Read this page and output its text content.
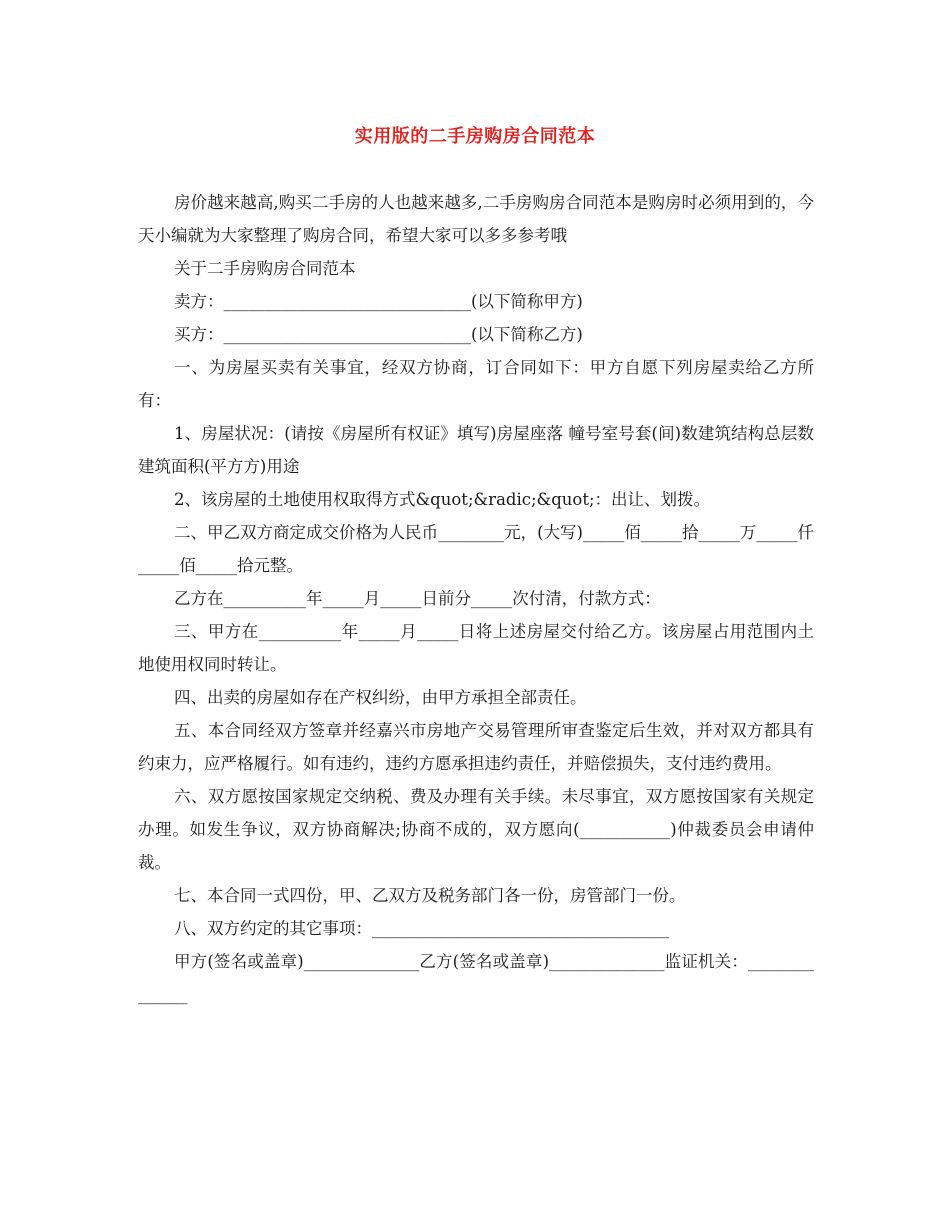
实用版的二手房购房合同范本

房价越来越高,购买二手房的人也越来越多,二手房购房合同范本是购房时必须用到的，今天小编就为大家整理了购房合同，希望大家可以多多参考哦

关于二手房购房合同范本

卖方：______________________________(以下简称甲方)

买方：______________________________(以下简称乙方)

一、为房屋买卖有关事宜，经双方协商，订合同如下：甲方自愿下列房屋卖给乙方所有：

1、房屋状况：(请按《房屋所有权证》填写)房屋座落 幢号室号套(间)数建筑结构总层数建筑面积(平方方)用途

2、该房屋的土地使用权取得方式&quot;&radic;&quot;：出让、划拨。

二、甲乙双方商定成交价格为人民币________元，(大写)_____佰_____拾_____万_____仟_____佰_____拾元整。

乙方在__________年_____月_____日前分_____次付清，付款方式：

三、甲方在__________年_____月_____日将上述房屋交付给乙方。该房屋占用范围内土地使用权同时转让。

四、出卖的房屋如存在产权纠纷，由甲方承担全部责任。

五、本合同经双方签章并经嘉兴市房地产交易管理所审查鉴定后生效，并对双方都具有约束力，应严格履行。如有违约，违约方愿承担违约责任，并赔偿损失，支付违约费用。

六、双方愿按国家规定交纳税、费及办理有关手续。未尽事宜，双方愿按国家有关规定办理。如发生争议，双方协商解决;协商不成的，双方愿向(___________)仲裁委员会申请仲裁。

七、本合同一式四份，甲、乙双方及税务部门各一份，房管部门一份。

八、双方约定的其它事项：____________________________________

甲方(签名或盖章)______________乙方(签名或盖章)______________监证机关：______________
